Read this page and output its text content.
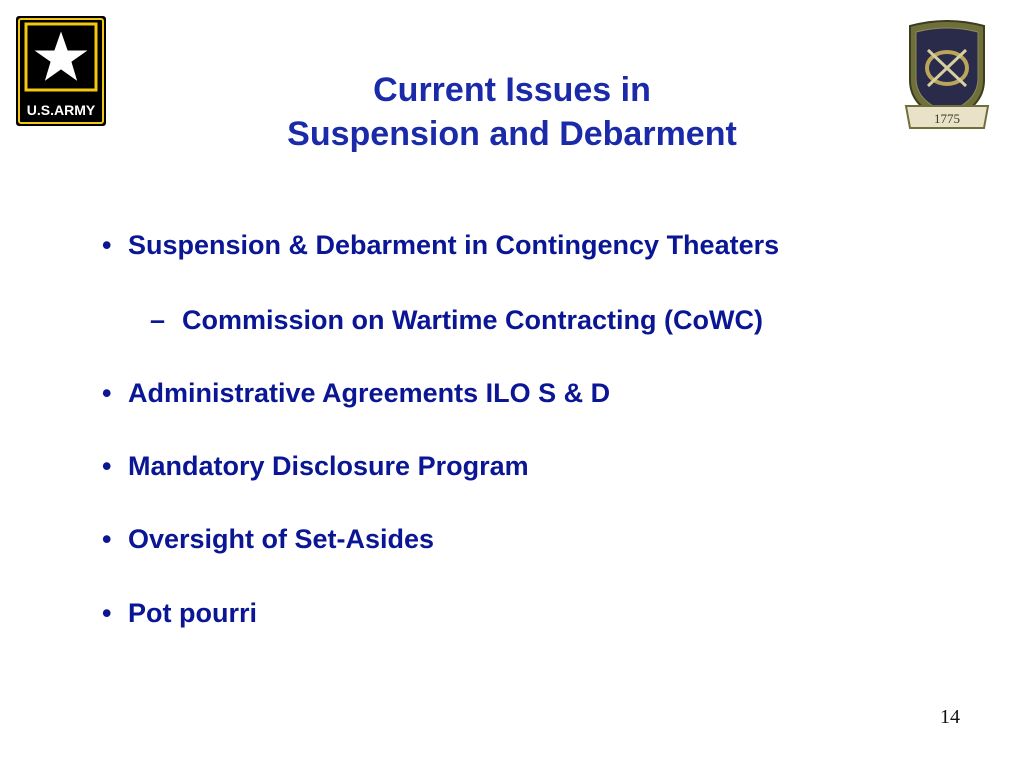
U.S.ARMY
1775
Current Issues in
Suspension and Debarment
• Suspension & Debarment in Contingency Theaters
– Commission on Wartime Contracting (CoWC)
• Administrative Agreements ILO S & D
• Mandatory Disclosure Program
• Oversight of Set-Asides
• Pot pourri
14
